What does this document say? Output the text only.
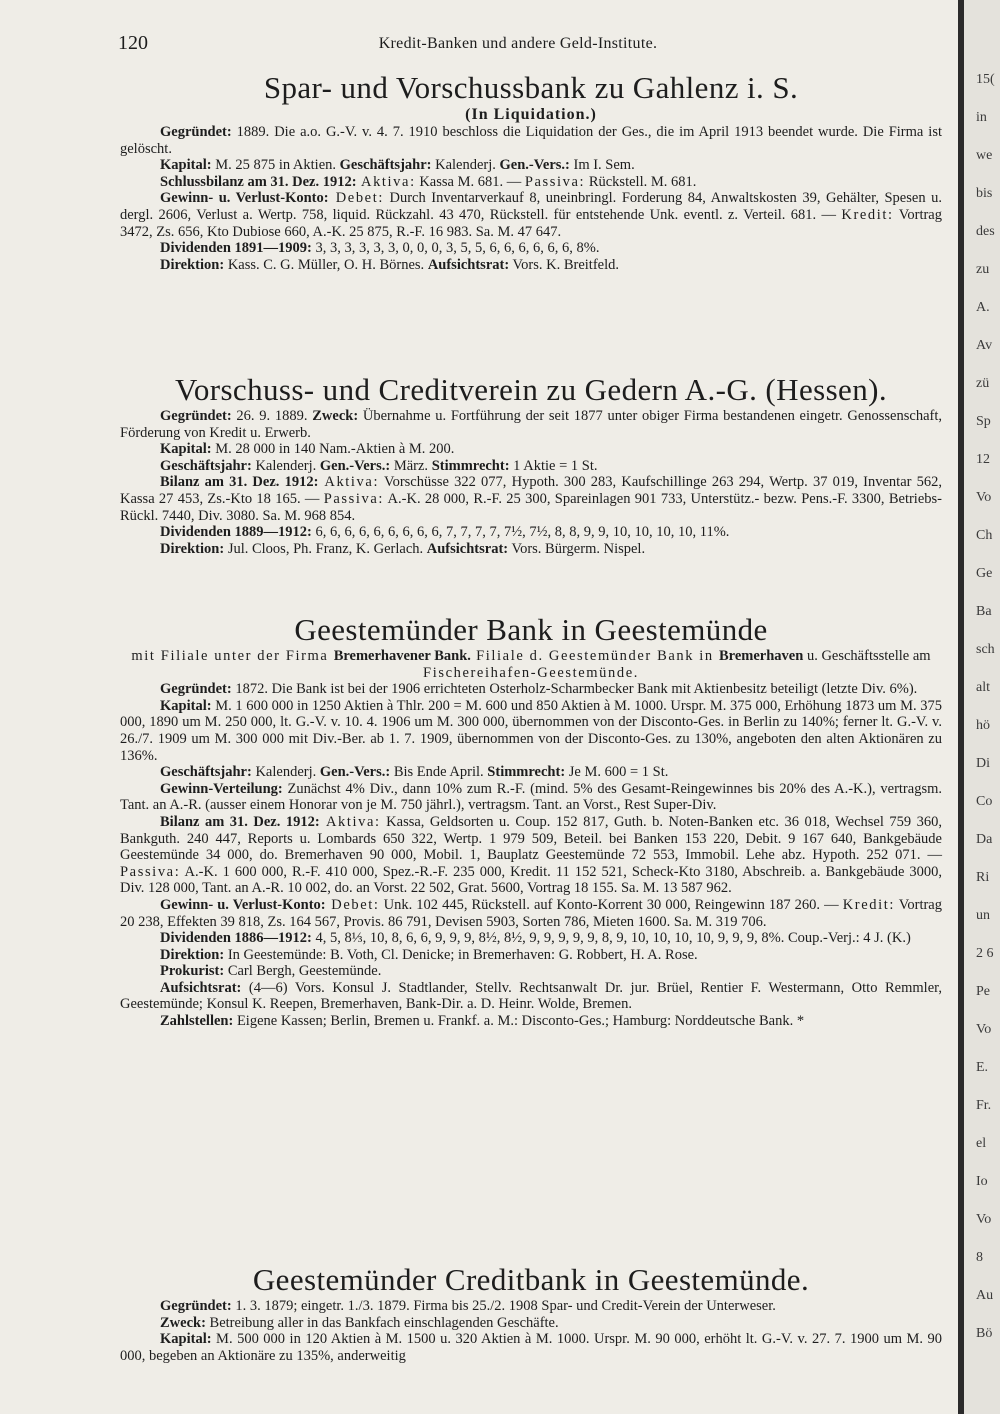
120	Kredit-Banken und andere Geld-Institute.
Spar- und Vorschussbank zu Gahlenz i. S.
(In Liquidation.)

Gegründet: 1889. Die a.o. G.-V. v. 4. 7. 1910 beschloss die Liquidation der Ges., die im April 1913 beendet wurde. Die Firma ist gelöscht.

Kapital: M. 25 875 in Aktien. Geschäftsjahr: Kalenderj. Gen.-Vers.: Im I. Sem.

Schlussbilanz am 31. Dez. 1912: Aktiva: Kassa M. 681. — Passiva: Rückstell. M. 681.

Gewinn- u. Verlust-Konto: Debet: Durch Inventarverkauf 8, uneinbringl. Forderung 84, Anwaltskosten 39, Gehälter, Spesen u. dergl. 2606, Verlust a. Wertp. 758, liquid. Rückzahl. 43 470, Rückstell. für entstehende Unk. eventl. z. Verteil. 681. — Kredit: Vortrag 3472, Zs. 656, Kto Dubiose 660, A.-K. 25 875, R.-F. 16 983. Sa. M. 47 647.

Dividenden 1891—1909: 3, 3, 3, 3, 3, 3, 0, 0, 0, 3, 5, 5, 6, 6, 6, 6, 6, 6, 8%.

Direktion: Kass. C. G. Müller, O. H. Börnes. Aufsichtsrat: Vors. K. Breitfeld.

Vorschuss- und Creditverein zu Gedern A.-G. (Hessen).

Gegründet: 26. 9. 1889. Zweck: Übernahme u. Fortführung der seit 1877 unter obiger Firma bestandenen eingetr. Genossenschaft, Förderung von Kredit u. Erwerb.

Kapital: M. 28 000 in 140 Nam.-Aktien à M. 200.

Geschäftsjahr: Kalenderj. Gen.-Vers.: März. Stimmrecht: 1 Aktie = 1 St.

Bilanz am 31. Dez. 1912: Aktiva: Vorschüsse 322 077, Hypoth. 300 283, Kaufschillinge 263 294, Wertp. 37 019, Inventar 562, Kassa 27 453, Zs.-Kto 18 165. — Passiva: A.-K. 28 000, R.-F. 25 300, Spareinlagen 901 733, Unterstütz.- bezw. Pens.-F. 3300, Betriebs-Rückl. 7440, Div. 3080. Sa. M. 968 854.

Dividenden 1889—1912: 6, 6, 6, 6, 6, 6, 6, 6, 6, 7, 7, 7, 7, 7½, 7½, 8, 8, 9, 9, 10, 10, 10, 10, 11%.

Direktion: Jul. Cloos, Ph. Franz, K. Gerlach. Aufsichtsrat: Vors. Bürgerm. Nispel.

Geestemünder Bank in Geestemünde

mit Filiale unter der Firma Bremerhavener Bank. Filiale d. Geestemünder Bank in Bremerhaven u. Geschäftsstelle am Fischereihafen-Geestemünde.

Gegründet: 1872. Die Bank ist bei der 1906 errichteten Osterholz-Scharmbecker Bank mit Aktienbesitz beteiligt (letzte Div. 6%).

Kapital: M. 1 600 000 in 1250 Aktien à Thlr. 200 = M. 600 und 850 Aktien à M. 1000. Urspr. M. 375 000, Erhöhung 1873 um M. 375 000, 1890 um M. 250 000, lt. G.-V. v. 10. 4. 1906 um M. 300 000, übernommen von der Disconto-Ges. in Berlin zu 140%; ferner lt. G.-V. v. 26./7. 1909 um M. 300 000 mit Div.-Ber. ab 1. 7. 1909, übernommen von der Disconto-Ges. zu 130%, angeboten den alten Aktionären zu 136%.

Geschäftsjahr: Kalenderj. Gen.-Vers.: Bis Ende April. Stimmrecht: Je M. 600 = 1 St.

Gewinn-Verteilung: Zunächst 4% Div., dann 10% zum R.-F. (mind. 5% des Gesamt-Reingewinnes bis 20% des A.-K.), vertragsm. Tant. an A.-R. (ausser einem Honorar von je M. 750 jährl.), vertragsm. Tant. an Vorst., Rest Super-Div.

Bilanz am 31. Dez. 1912: Aktiva: Kassa, Geldsorten u. Coup. 152 817, Guth. b. Noten-Banken etc. 36 018, Wechsel 759 360, Bankguth. 240 447, Reports u. Lombards 650 322, Wertp. 1 979 509, Beteil. bei Banken 153 220, Debit. 9 167 640, Bankgebäude Geestemünde 34 000, do. Bremerhaven 90 000, Mobil. 1, Bauplatz Geestemünde 72 553, Immobil. Lehe abz. Hypoth. 252 071. — Passiva: A.-K. 1 600 000, R.-F. 410 000, Spez.-R.-F. 235 000, Kredit. 11 152 521, Scheck-Kto 3180, Abschreib. a. Bankgebäude 3000, Div. 128 000, Tant. an A.-R. 10 002, do. an Vorst. 22 502, Grat. 5600, Vortrag 18 155. Sa. M. 13 587 962.

Gewinn- u. Verlust-Konto: Debet: Unk. 102 445, Rückstell. auf Konto-Korrent 30 000, Reingewinn 187 260. — Kredit: Vortrag 20 238, Effekten 39 818, Zs. 164 567, Provis. 86 791, Devisen 5903, Sorten 786, Mieten 1600. Sa. M. 319 706.

Dividenden 1886—1912: 4, 5, 8⅓, 10, 8, 6, 6, 9, 9, 9, 8½, 8½, 9, 9, 9, 9, 9, 8, 9, 10, 10, 10, 10, 9, 9, 9, 8%. Coup.-Verj.: 4 J. (K.)

Direktion: In Geestemünde: B. Voth, Cl. Denicke; in Bremerhaven: G. Robbert, H. A. Rose.

Prokurist: Carl Bergh, Geestemünde.

Aufsichtsrat: (4—6) Vors. Konsul J. Stadtlander, Stellv. Rechtsanwalt Dr. jur. Brüel, Rentier F. Westermann, Otto Remmler, Geestemünde; Konsul K. Reepen, Bremerhaven, Bank-Dir. a. D. Heinr. Wolde, Bremen.

Zahlstellen: Eigene Kassen; Berlin, Bremen u. Frankf. a. M.: Disconto-Ges.; Hamburg: Norddeutsche Bank. *

Geestemünder Creditbank in Geestemünde.

Gegründet: 1. 3. 1879; eingetr. 1./3. 1879. Firma bis 25./2. 1908 Spar- und Credit-Verein der Unterweser.

Zweck: Betreibung aller in das Bankfach einschlagenden Geschäfte.

Kapital: M. 500 000 in 120 Aktien à M. 1500 u. 320 Aktien à M. 1000. Urspr. M. 90 000, erhöht lt. G.-V. v. 27. 7. 1900 um M. 90 000, begeben an Aktionäre zu 135%, anderweitig

15(
in
we
bis
des
zu
A.
Av
zü
Sp
12
Vo
Ch
Ge
Ba
sch
alt
hö
Di
Co
Da
Ri
un
2 6
Pe
Vo
E.
Fr.
el
Io
Vo
8
Au
Bö
